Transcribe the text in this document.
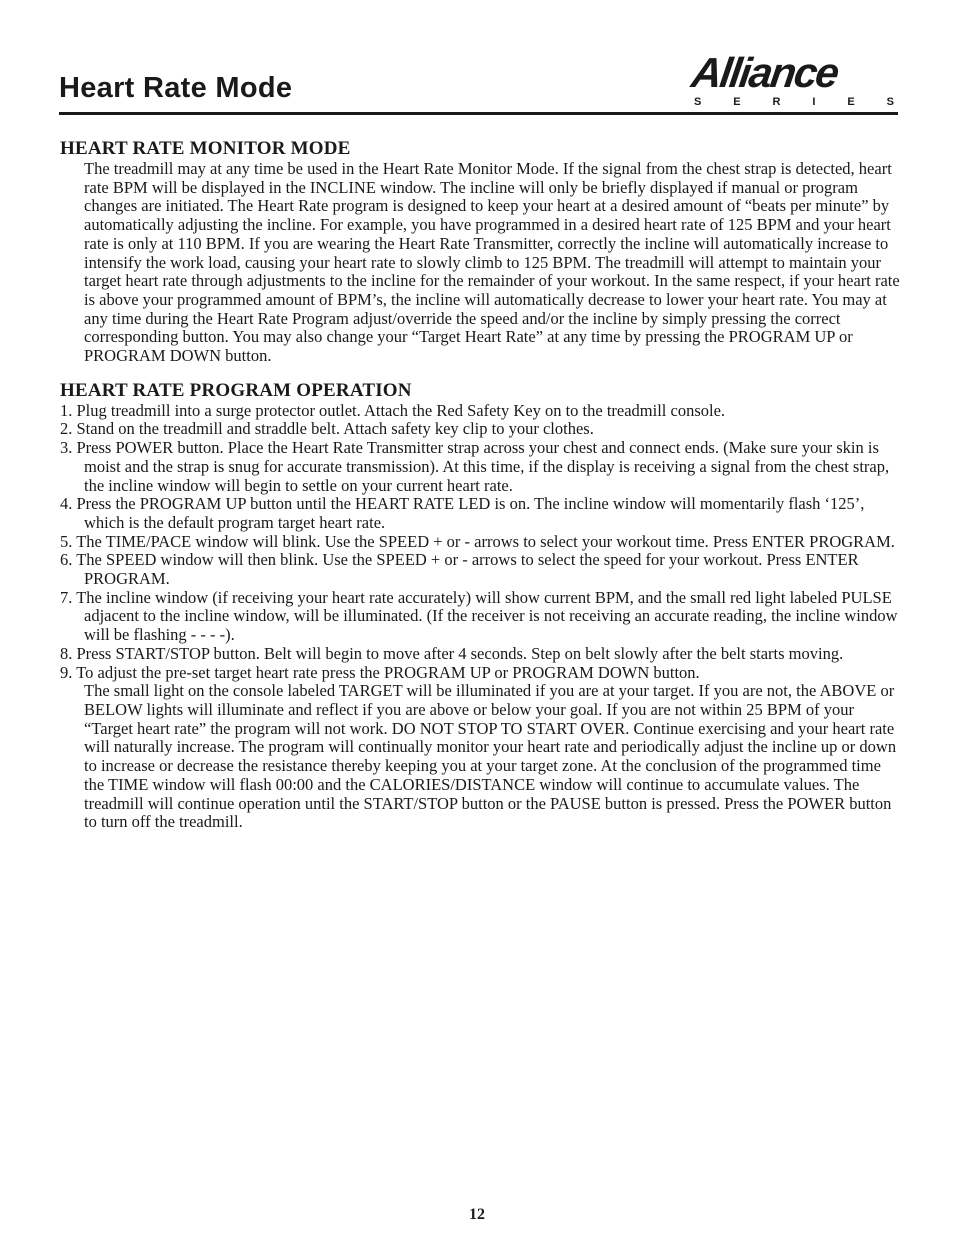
Heart Rate Mode	Alliance
S	E	R	I	E	S
HEART RATE MONITOR MODE

The treadmill may at any time be used in the Heart Rate Monitor Mode. If the signal from the chest strap is detected, heart rate BPM will be displayed in the INCLINE window. The incline will only be briefly displayed if manual or program changes are initiated. The Heart Rate program is designed to keep your heart at a desired amount of “beats per minute” by automatically adjusting the incline. For example, you have programmed in a desired heart rate of 125 BPM and your heart rate is only at 110 BPM. If you are wearing the Heart Rate Transmitter, correctly the incline will automatically increase to intensify the work load, causing your heart rate to slowly climb to 125 BPM. The treadmill will attempt to maintain your target heart rate through adjustments to the incline for the remainder of your workout. In the same respect, if your heart rate is above your programmed amount of BPM’s, the incline will automatically decrease to lower your heart rate. You may at any time during the Heart Rate Program adjust/override the speed and/or the incline by simply pressing the correct corresponding button. You may also change your “Target Heart Rate” at any time by pressing the PROGRAM UP or PROGRAM DOWN button.

HEART RATE PROGRAM OPERATION
1. Plug treadmill into a surge protector outlet. Attach the Red Safety Key on to the treadmill console.
2. Stand on the treadmill and straddle belt. Attach safety key clip to your clothes.
3. Press POWER button. Place the Heart Rate Transmitter strap across your chest and connect ends. (Make sure your skin is moist and the strap is snug for accurate transmission). At this time, if the display is receiving a signal from the chest strap, the incline window will begin to settle on your current heart rate.
4. Press the PROGRAM UP button until the HEART RATE LED is on. The incline window will momentarily flash ‘125’, which is the default program target heart rate.
5. The TIME/PACE window will blink. Use the SPEED + or - arrows to select your workout time. Press ENTER PROGRAM.
6. The SPEED window will then blink. Use the SPEED + or - arrows to select the speed for your workout. Press ENTER PROGRAM.
7. The incline window (if receiving your heart rate accurately) will show current BPM, and the small red light labeled PULSE adjacent to the incline window, will be illuminated. (If the receiver is not receiving an accurate reading, the incline window will be flashing - - - -).
8. Press START/STOP button. Belt will begin to move after 4 seconds. Step on belt slowly after the belt starts moving.
9. To adjust the pre-set target heart rate press the PROGRAM UP or PROGRAM DOWN button.

The small light on the console labeled TARGET will be illuminated if you are at your target. If you are not, the ABOVE or BELOW lights will illuminate and reflect if you are above or below your goal. If you are not within 25 BPM of your “Target heart rate” the program will not work. DO NOT STOP TO START OVER. Continue exercising and your heart rate will naturally increase. The program will continually monitor your heart rate and periodically adjust the incline up or down to increase or decrease the resistance thereby keeping you at your target zone. At the conclusion of the programmed time the TIME window will flash 00:00 and the CALORIES/DISTANCE window will continue to accumulate values. The treadmill will continue operation until the START/STOP button or the PAUSE button is pressed. Press the POWER button to turn off the treadmill.

12
